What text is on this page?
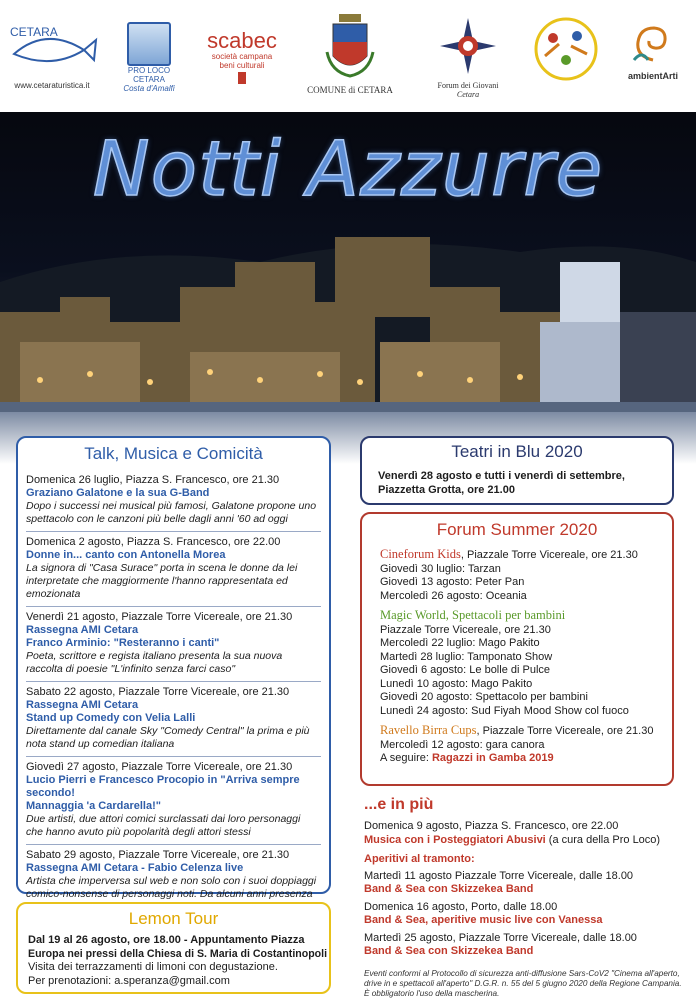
CETARA
www.cetaraturistica.it
PRO LOCO
CETARA
Costa d'Amalfi
scabec
società campana
beni culturali
COMUNE di CETARA	Forum dei Giovani
Cetara
ambientArti
Notti Azzurre
Talk, Musica e Comicità
Domenica 26 luglio, Piazza S. Francesco, ore 21.30
Graziano Galatone e la sua G-Band
Dopo i successi nei musical più famosi, Galatone propone uno
spettacolo con le canzoni più belle dagli anni '60 ad oggi
Domenica 2 agosto, Piazza S. Francesco, ore 22.00
Donne in... canto con Antonella Morea
La signora di "Casa Surace" porta in scena le donne da lei
interpretate che maggiormente l'hanno rappresentata ed
emozionata
Venerdì 21 agosto, Piazzale Torre Vicereale, ore 21.30
Rassegna AMI Cetara
Franco Arminio: "Resteranno i canti"
Poeta, scrittore e regista italiano presenta la sua nuova
raccolta di poesie "L'infinito senza farci caso"
Sabato 22 agosto, Piazzale Torre Vicereale, ore 21.30
Rassegna AMI Cetara
Stand up Comedy con Velia Lalli
Direttamente dal canale Sky "Comedy Central" la prima e più
nota stand up comedian italiana
Giovedì 27 agosto, Piazzale Torre Vicereale, ore 21.30
Lucio Pierri e Francesco Procopio in "Arriva sempre secondo!
Mannaggia 'a Cardarella!"
Due artisti, due attori comici surclassati dai loro personaggi
che hanno avuto più popolarità degli attori stessi
Sabato 29 agosto, Piazzale Torre Vicereale, ore 21.30
Rassegna AMI Cetara - Fabio Celenza live
Artista che imperversa sul web e non solo con i suoi doppiaggi
comico-nonsense di personaggi noti. Da alcuni anni presenza
Teatri in Blu 2020
Venerdì 28 agosto e tutti i venerdì di settembre,
Piazzetta Grotta, ore 21.00
Forum Summer 2020
Cineforum Kids, Piazzale Torre Vicereale, ore 21.30
Giovedì 30 luglio: Tarzan
Giovedì 13 agosto: Peter Pan
Mercoledì 26 agosto: Oceania
Magic World, Spettacoli per bambini
Piazzale Torre Vicereale, ore 21.30
Mercoledì 22 luglio: Mago Pakito
Martedì 28 luglio: Tamponato Show
Giovedì 6 agosto: Le bolle di Pulce
Lunedì 10 agosto: Mago Pakito
Giovedì 20 agosto: Spettacolo per bambini
Lunedì 24 agosto: Sud Fiyah Mood Show col fuoco
Ravello Birra Cups, Piazzale Torre Vicereale, ore 21.30
Mercoledì 12 agosto: gara canora
A seguire: Ragazzi in Gamba 2019
...e in più
Domenica 9 agosto, Piazza S. Francesco, ore 22.00
Musica con i Posteggiatori Abusivi (a cura della Pro Loco)
Aperitivi al tramonto:
Martedì 11 agosto Piazzale Torre Vicereale, dalle 18.00
Band & Sea con Skizzekea Band
Domenica 16 agosto, Porto, dalle 18.00
Band & Sea, aperitive music live con Vanessa
Martedì 25 agosto, Piazzale Torre Vicereale, dalle 18.00
Band & Sea con Skizzekea Band
Eventi conformi al Protocollo di sicurezza anti-diffusione Sars-CoV2 "Cinema all'aperto,
drive in e spettacoli all'aperto" D.G.R. n. 55 del 5 giugno 2020 della Regione Campania.
È obbligatorio l'uso della mascherina.
Lemon Tour
Dal 19 al 26 agosto, ore 18.00 - Appuntamento Piazza
Europa nei pressi della Chiesa di S. Maria di Costantinopoli
Visita dei terrazzamenti di limoni con degustazione.
Per prenotazioni: a.speranza@gmail.com
